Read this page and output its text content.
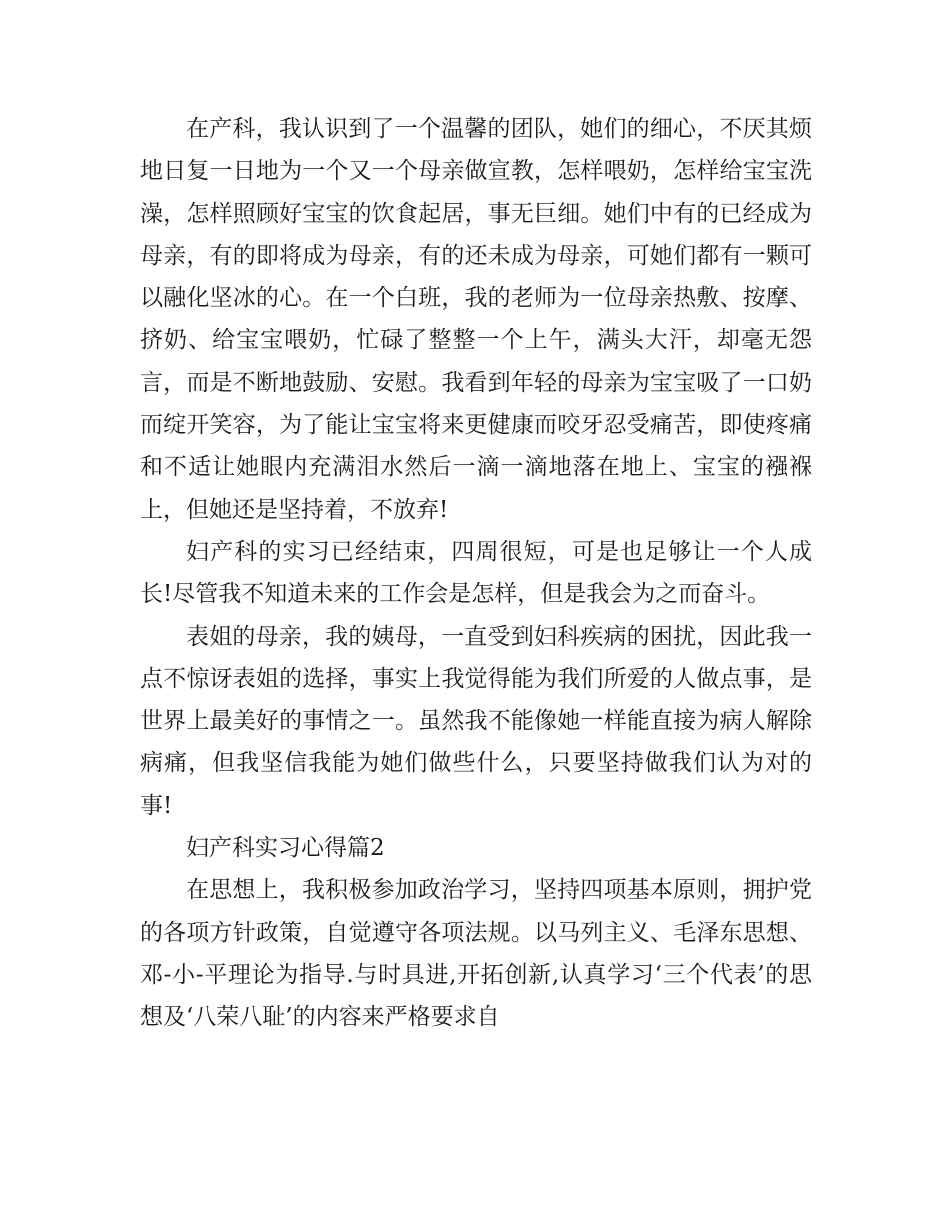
在产科，我认识到了一个温馨的团队，她们的细心，不厌其烦地日复一日地为一个又一个母亲做宣教，怎样喂奶，怎样给宝宝洗澡，怎样照顾好宝宝的饮食起居，事无巨细。她们中有的已经成为母亲，有的即将成为母亲，有的还未成为母亲，可她们都有一颗可以融化坚冰的心。在一个白班，我的老师为一位母亲热敷、按摩、挤奶、给宝宝喂奶，忙碌了整整一个上午，满头大汗，却毫无怨言，而是不断地鼓励、安慰。我看到年轻的母亲为宝宝吸了一口奶而绽开笑容，为了能让宝宝将来更健康而咬牙忍受痛苦，即使疼痛和不适让她眼内充满泪水然后一滴一滴地落在地上、宝宝的襁褓上，但她还是坚持着，不放弃!

妇产科的实习已经结束，四周很短，可是也足够让一个人成长!尽管我不知道未来的工作会是怎样，但是我会为之而奋斗。

表姐的母亲，我的姨母，一直受到妇科疾病的困扰，因此我一点不惊讶表姐的选择，事实上我觉得能为我们所爱的人做点事，是世界上最美好的事情之一。虽然我不能像她一样能直接为病人解除病痛，但我坚信我能为她们做些什么，只要坚持做我们认为对的事!

妇产科实习心得篇2

在思想上，我积极参加政治学习，坚持四项基本原则，拥护党的各项方针政策，自觉遵守各项法规。以马列主义、毛泽东思想、邓-小-平理论为指导.与时具进,开拓创新,认真学习‘三个代表’的思想及‘八荣八耻’的内容来严格要求自
